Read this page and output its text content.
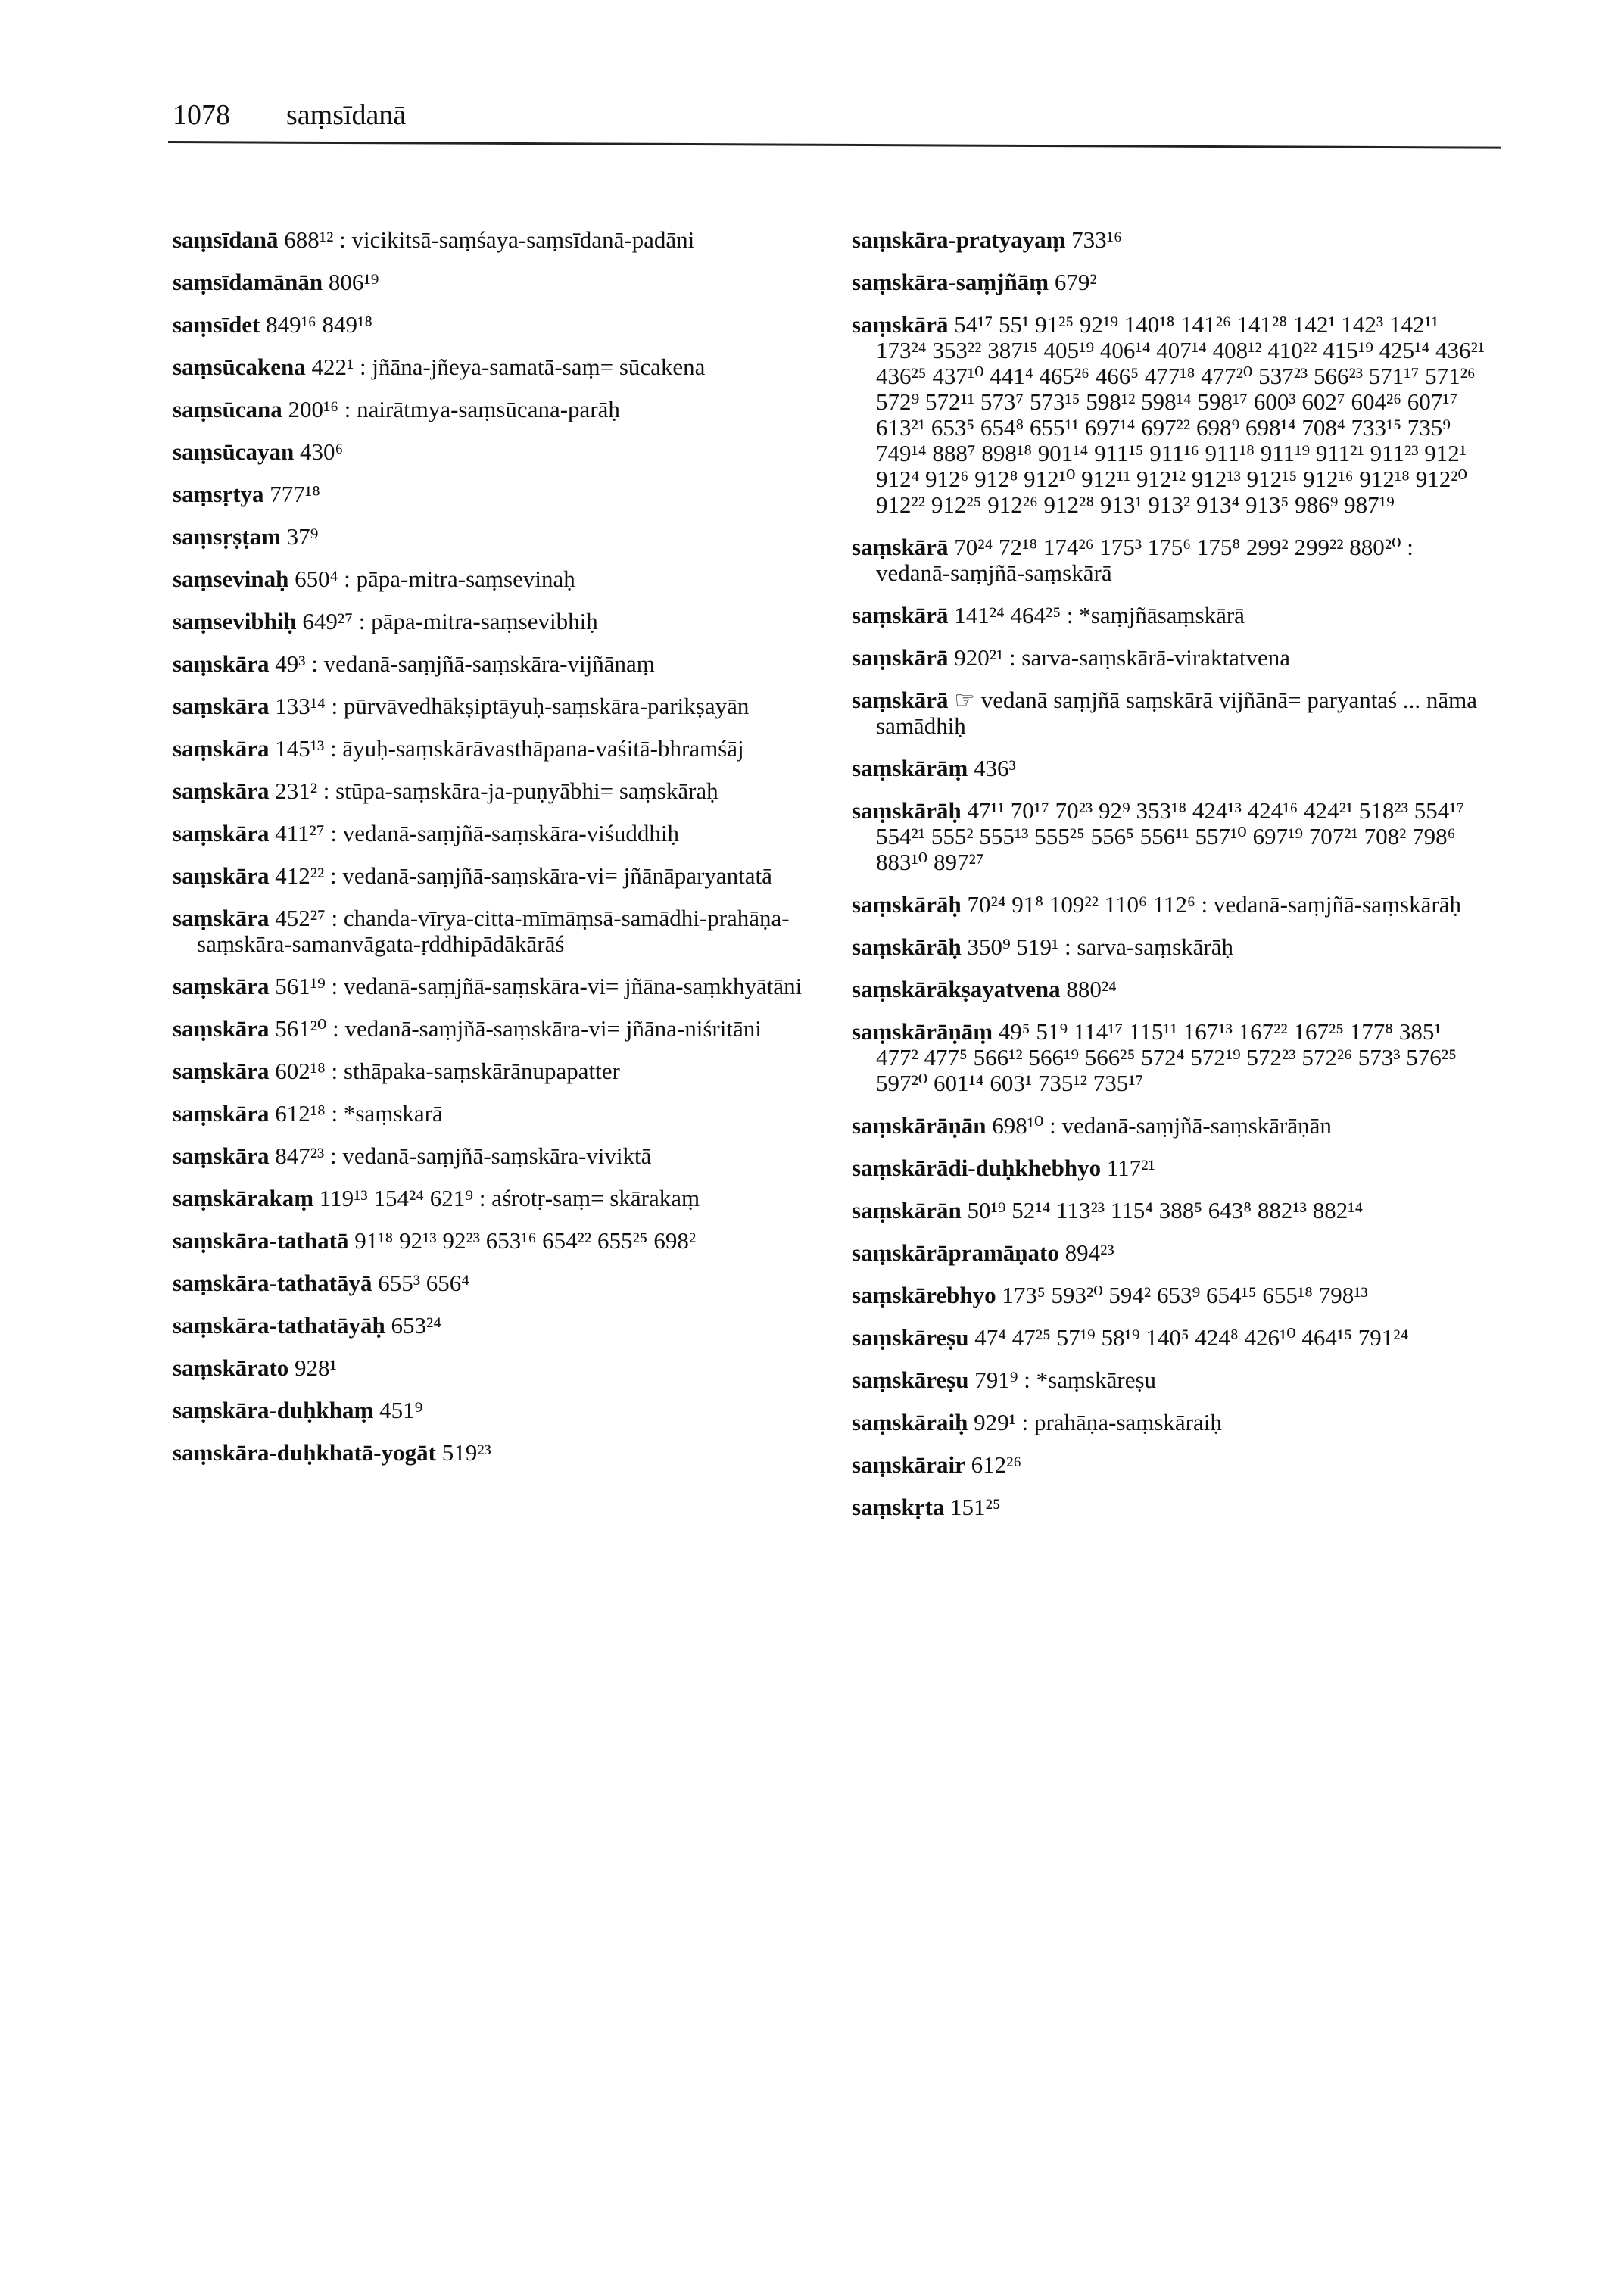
1078 saṃsīdanā
saṃsīdanā 688¹² : vicikitsā-saṃśaya-saṃsīdanā-padāni
saṃsīdamānān 806¹⁹
saṃsīdet 849¹⁶ 849¹⁸
saṃsūcakena 422¹ : jñāna-jñeya-samatā-saṃ= sūcakena
saṃsūcana 200¹⁶ : nairātmya-saṃsūcana-parāḥ
saṃsūcayan 430⁶
saṃsṛtya 777¹⁸
saṃsṛṣṭam 37⁹
saṃsevinaḥ 650⁴ : pāpa-mitra-saṃsevinaḥ
saṃsevibhiḥ 649²⁷ : pāpa-mitra-saṃsevibhiḥ
saṃskāra 49³ : vedanā-saṃjñā-saṃskāra-vijñānaṃ
saṃskāra 133¹⁴ : pūrvāvedhākṣiptāyuḥ-saṃskāra-parikṣayān
saṃskāra 145¹³ : āyuḥ-saṃskārāvasthāpana-vaśitā-bhramśāj
saṃskāra 231² : stūpa-saṃskāra-ja-puṇyābhi= saṃskāraḥ
saṃskāra 411²⁷ : vedanā-saṃjñā-saṃskāra-viśuddhiḥ
saṃskāra 412²² : vedanā-saṃjñā-saṃskāra-vi= jñānāparyantatā
saṃskāra 452²⁷ : chanda-vīrya-citta-mīmāṃsā-samādhi-prahāṇa-saṃskāra-samanvāgata-ṛddhipādākārāś
saṃskāra 561¹⁹ : vedanā-saṃjñā-saṃskāra-vi= jñāna-saṃkhyātāni
saṃskāra 561²⁰ : vedanā-saṃjñā-saṃskāra-vi= jñāna-niśritāni
saṃskāra 602¹⁸ : sthāpaka-saṃskārānupapatter
saṃskāra 612¹⁸ : *saṃskarā
saṃskāra 847²³ : vedanā-saṃjñā-saṃskāra-viviktā
saṃskārakaṃ 119¹³ 154²⁴ 621⁹ : aśrotṛ-saṃ= skārakaṃ
saṃskāra-tathatā 91¹⁸ 92¹³ 92²³ 653¹⁶ 654²² 655²⁵ 698²
saṃskāra-tathatāyā 655³ 656⁴
saṃskāra-tathatāyāḥ 653²⁴
saṃskārato 928¹
saṃskāra-duḥkhaṃ 451⁹
saṃskāra-duḥkhatā-yogāt 519²³
saṃskāra-pratyayaṃ 733¹⁶
saṃskāra-saṃjñāṃ 679²
saṃskārā 54¹⁷ 55¹ 91²⁵ 92¹⁹ 140¹⁸ 141²⁶ 141²⁸ 142¹ 142³ 142¹¹ 173²⁴ 353²² 387¹⁵ 405¹⁹ 406¹⁴ 407¹⁴ 408¹² 410²² 415¹⁹ 425¹⁴ 436²¹ 436²⁵ 437¹⁰ 441⁴ 465²⁶ 466⁵ 477¹⁸ 477²⁰ 537²³ 566²³ 571¹⁷ 571²⁶ 572⁹ 572¹¹ 573⁷ 573¹⁵ 598¹² 598¹⁴ 598¹⁷ 600³ 602⁷ 604²⁶ 607¹⁷ 613²¹ 653⁵ 654⁸ 655¹¹ 697¹⁴ 697²² 698⁹ 698¹⁴ 708⁴ 733¹⁵ 735⁹ 749¹⁴ 888⁷ 898¹⁸ 901¹⁴ 911¹⁵ 911¹⁶ 911¹⁸ 911¹⁹ 911²¹ 911²³ 912¹ 912⁴ 912⁶ 912⁸ 912¹⁰ 912¹¹ 912¹² 912¹³ 912¹⁵ 912¹⁶ 912¹⁸ 912²⁰ 912²² 912²⁵ 912²⁶ 912²⁸ 913¹ 913² 913⁴ 913⁵ 986⁹ 987¹⁹
saṃskārā 70²⁴ 72¹⁸ 174²⁶ 175³ 175⁶ 175⁸ 299² 299²² 880²⁰ : vedanā-saṃjñā-saṃskārā
saṃskārā 141²⁴ 464²⁵ : *saṃjñāsaṃskārā
saṃskārā 920²¹ : sarva-saṃskārā-viraktatvena
saṃskārā ☞ vedanā saṃjñā saṃskārā vijñānā= paryantaś ... nāma samādhiḥ
saṃskārāṃ 436³
saṃskārāḥ 47¹¹ 70¹⁷ 70²³ 92⁹ 353¹⁸ 424¹³ 424¹⁶ 424²¹ 518²³ 554¹⁷ 554²¹ 555² 555¹³ 555²⁵ 556⁵ 556¹¹ 557¹⁰ 697¹⁹ 707²¹ 708² 798⁶ 883¹⁰ 897²⁷
saṃskārāḥ 70²⁴ 91⁸ 109²² 110⁶ 112⁶ : vedanā-saṃjñā-saṃskārāḥ
saṃskārāḥ 350⁹ 519¹ : sarva-saṃskārāḥ
saṃskārākṣayatvena 880²⁴
saṃskārāṇāṃ 49⁵ 51⁹ 114¹⁷ 115¹¹ 167¹³ 167²² 167²⁵ 177⁸ 385¹ 477² 477⁵ 566¹² 566¹⁹ 566²⁵ 572⁴ 572¹⁹ 572²³ 572²⁶ 573³ 576²⁵ 597²⁰ 601¹⁴ 603¹ 735¹² 735¹⁷
saṃskārāṇān 698¹⁰ : vedanā-saṃjñā-saṃskārāṇān
saṃskārādi-duḥkhebhyo 117²¹
saṃskārān 50¹⁹ 52¹⁴ 113²³ 115⁴ 388⁵ 643⁸ 882¹³ 882¹⁴
saṃskārāpramāṇato 894²³
saṃskārebhyo 173⁵ 593²⁰ 594² 653⁹ 654¹⁵ 655¹⁸ 798¹³
saṃskāreṣu 47⁴ 47²⁵ 57¹⁹ 58¹⁹ 140⁵ 424⁸ 426¹⁰ 464¹⁵ 791²⁴
saṃskāreṣu 791⁹ : *saṃskāreṣu
saṃskāraiḥ 929¹ : prahāṇa-saṃskāraiḥ
saṃskārair 612²⁶
saṃskṛta 151²⁵
